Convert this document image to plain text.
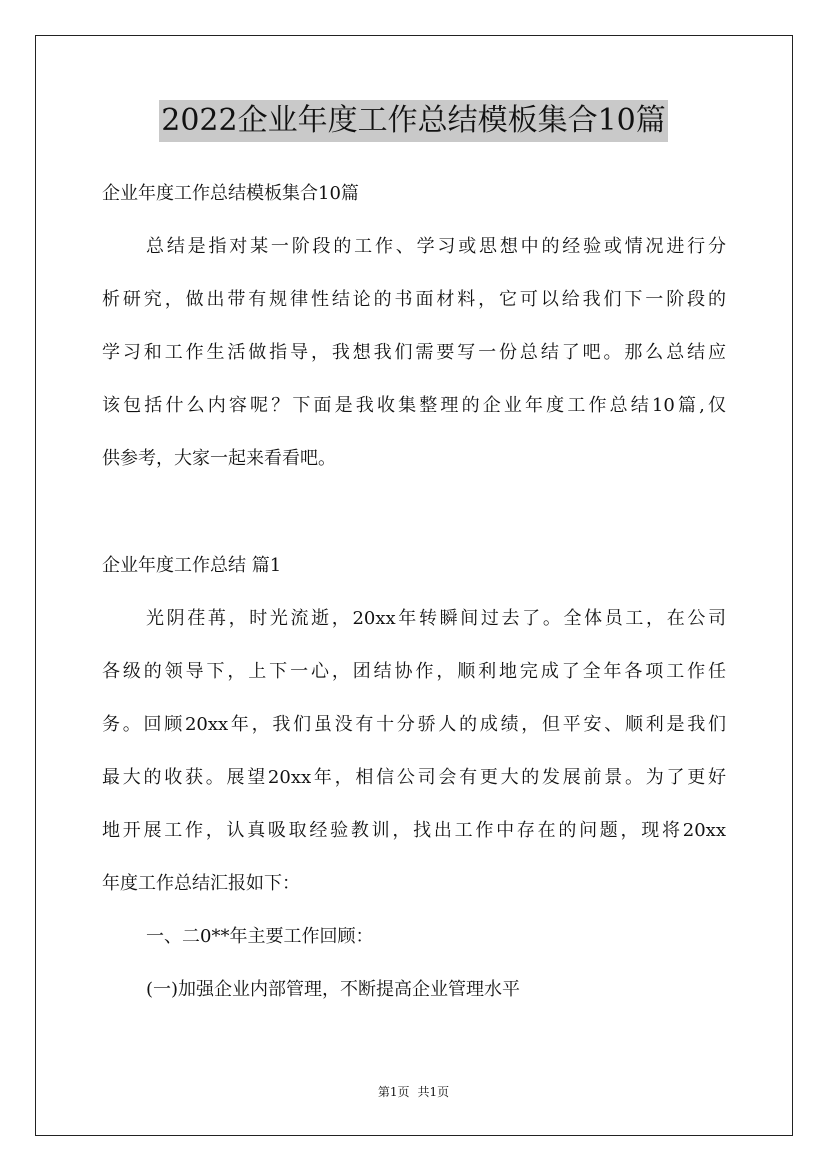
2022企业年度工作总结模板集合10篇
企业年度工作总结模板集合10篇
总结是指对某一阶段的工作、学习或思想中的经验或情况进行分
析研究，做出带有规律性结论的书面材料，它可以给我们下一阶段的
学习和工作生活做指导，我想我们需要写一份总结了吧。那么总结应
该包括什么内容呢？下面是我收集整理的企业年度工作总结10篇,仅
供参考，大家一起来看看吧。
企业年度工作总结 篇1
光阴荏苒，时光流逝，20xx年转瞬间过去了。全体员工，在公司
各级的领导下，上下一心，团结协作，顺利地完成了全年各项工作任
务。回顾20xx年，我们虽没有十分骄人的成绩，但平安、顺利是我们
最大的收获。展望20xx年，相信公司会有更大的发展前景。为了更好
地开展工作，认真吸取经验教训，找出工作中存在的问题，现将20xx
年度工作总结汇报如下：
一、二0**年主要工作回顾：
(一)加强企业内部管理，不断提高企业管理水平
第1页 共1页
